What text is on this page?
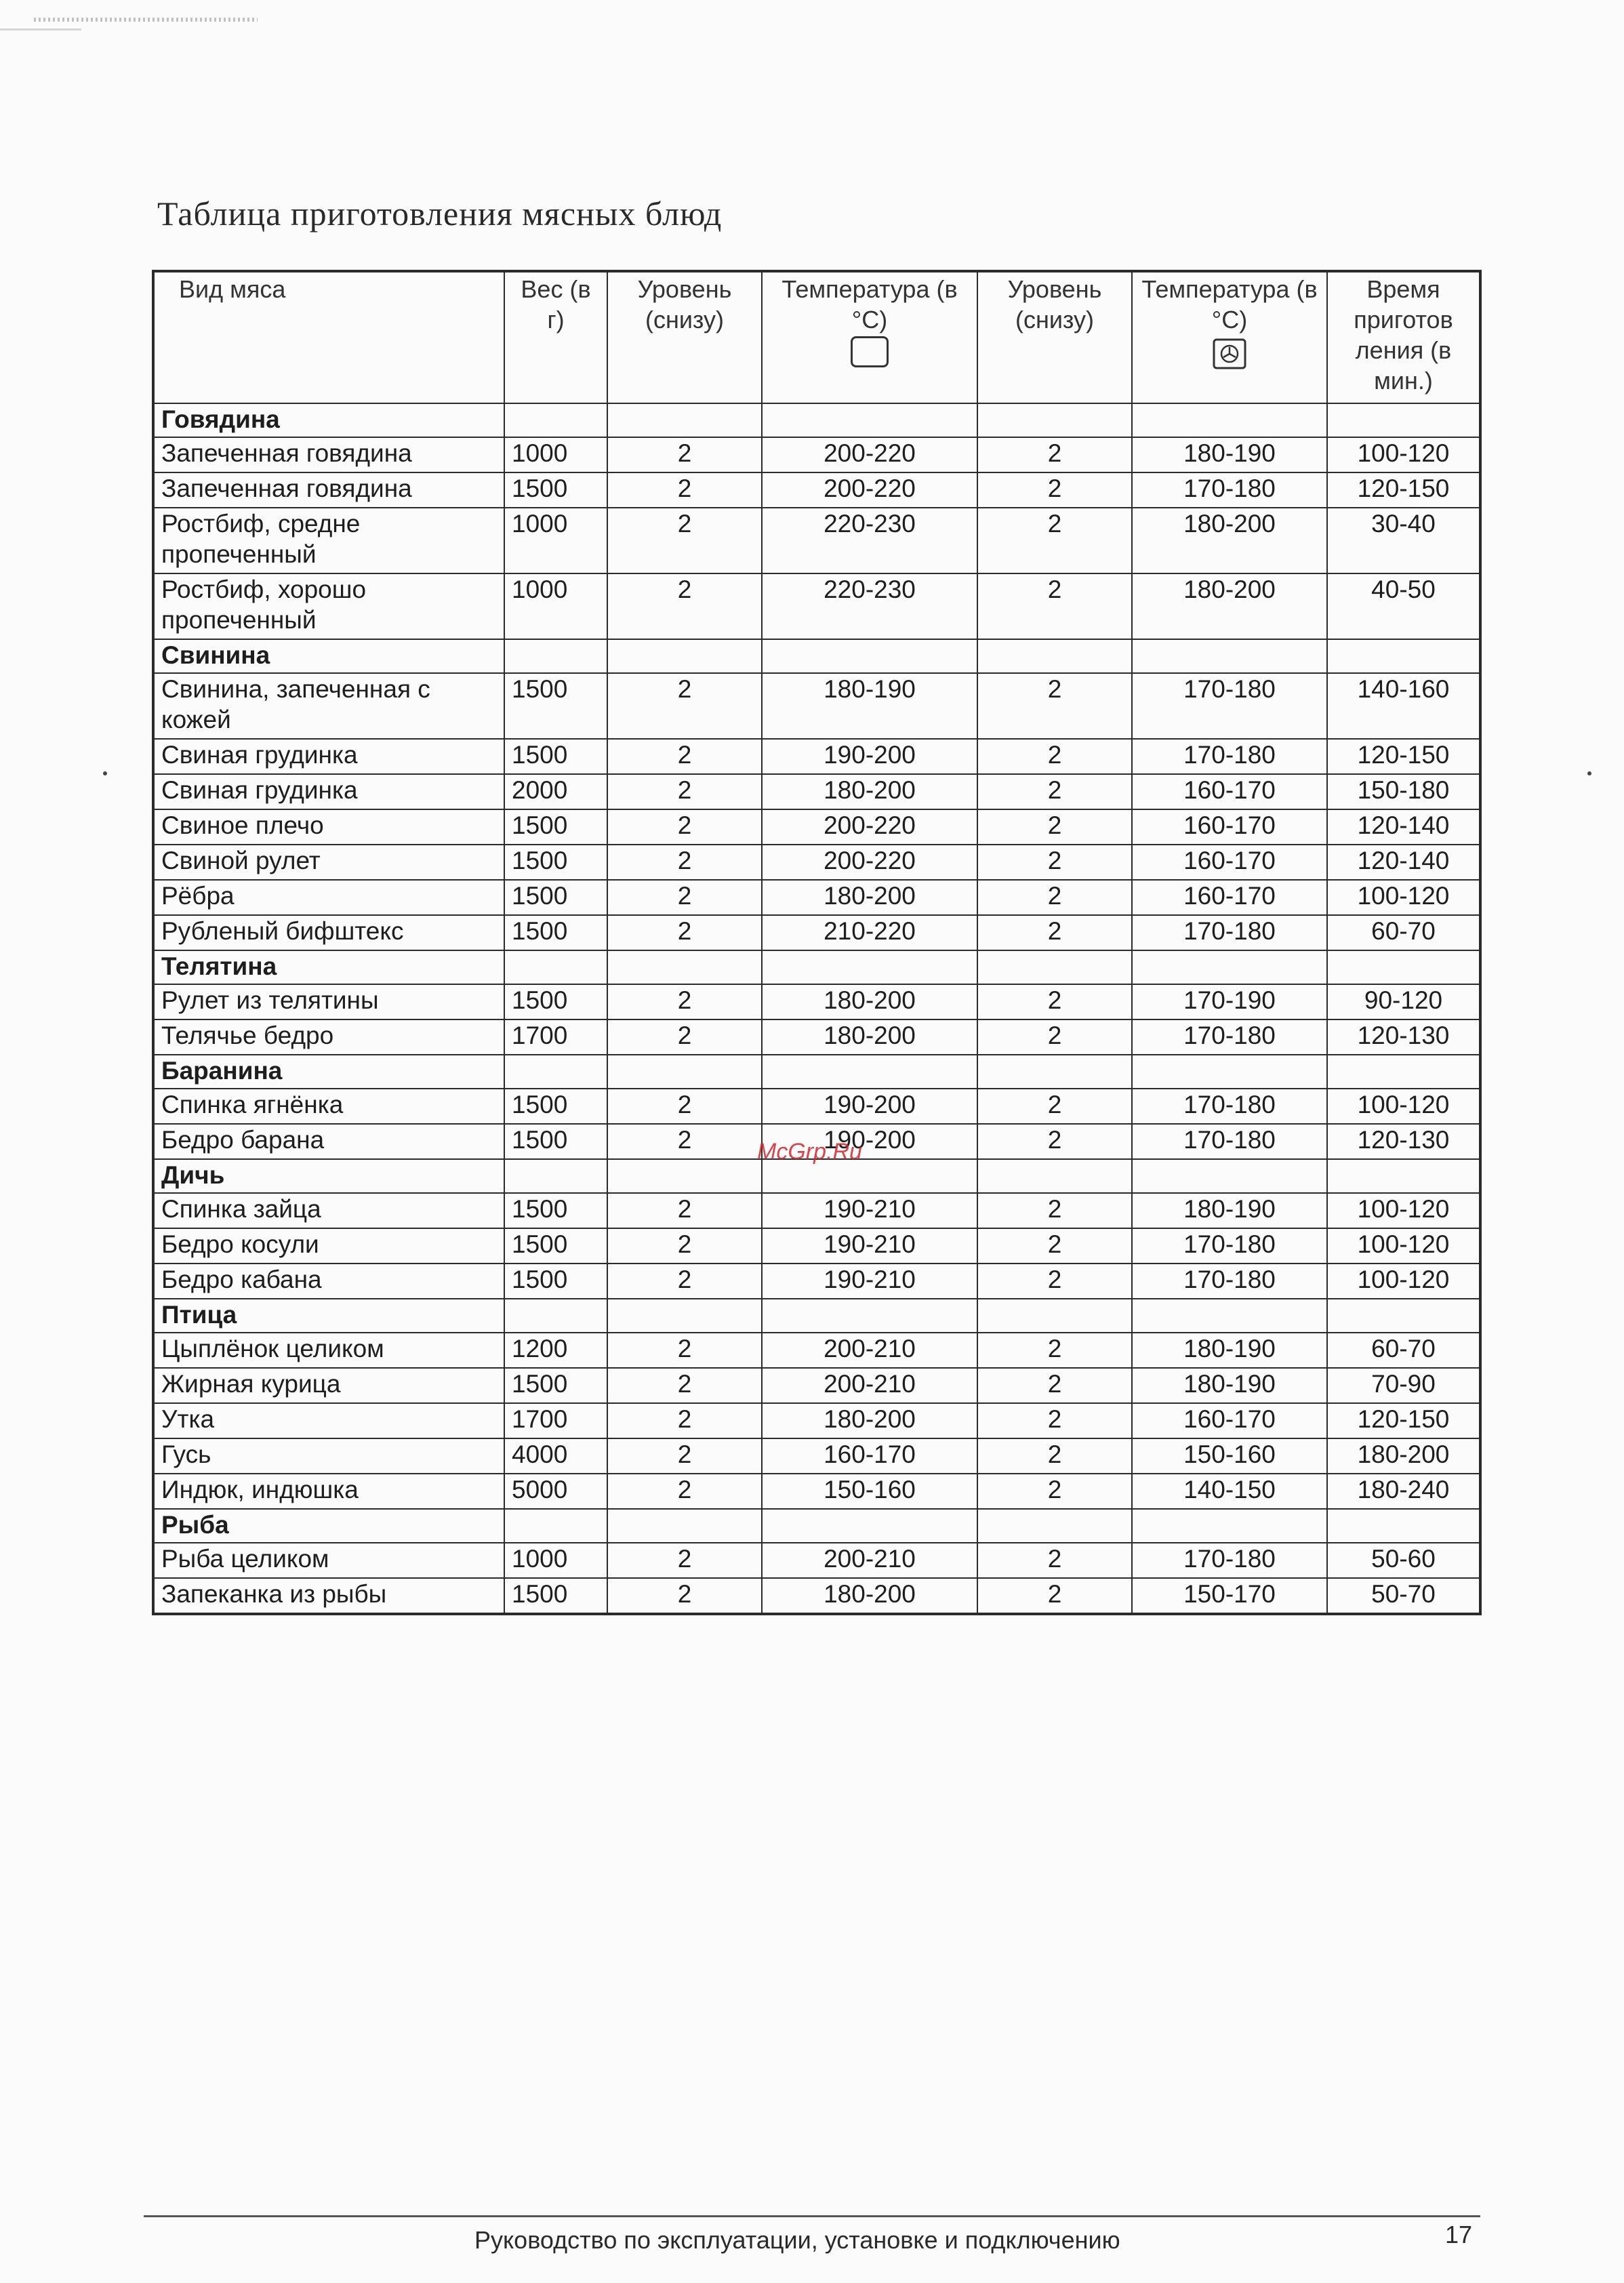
Таблица приготовления мясных блюд
Вид мяса	Вес (в г)	Уровень (снизу)	Температура (в °С)	Уровень (снизу)	Температура (в °С)	Время приготов ления (в мин.)
Говядина						
Запеченная говядина	1000	2	200-220	2	180-190	100-120
Запеченная говядина	1500	2	200-220	2	170-180	120-150
Ростбиф, средне пропеченный	1000	2	220-230	2	180-200	30-40
Ростбиф, хорошо пропеченный	1000	2	220-230	2	180-200	40-50
Свинина						
Свинина, запеченная с кожей	1500	2	180-190	2	170-180	140-160
Свиная грудинка	1500	2	190-200	2	170-180	120-150
Свиная грудинка	2000	2	180-200	2	160-170	150-180
Свиное плечо	1500	2	200-220	2	160-170	120-140
Свиной рулет	1500	2	200-220	2	160-170	120-140
Рёбра	1500	2	180-200	2	160-170	100-120
Рубленый бифштекс	1500	2	210-220	2	170-180	60-70
Телятина						
Рулет из телятины	1500	2	180-200	2	170-190	90-120
Телячье бедро	1700	2	180-200	2	170-180	120-130
Баранина						
Спинка ягнёнка	1500	2	190-200	2	170-180	100-120
Бедро барана	1500	2	190-200	2	170-180	120-130
Дичь						
Спинка зайца	1500	2	190-210	2	180-190	100-120
Бедро косули	1500	2	190-210	2	170-180	100-120
Бедро кабана	1500	2	190-210	2	170-180	100-120
Птица						
Цыплёнок целиком	1200	2	200-210	2	180-190	60-70
Жирная курица	1500	2	200-210	2	180-190	70-90
Утка	1700	2	180-200	2	160-170	120-150
Гусь	4000	2	160-170	2	150-160	180-200
Индюк, индюшка	5000	2	150-160	2	140-150	180-240
Рыба						
Рыба целиком	1000	2	200-210	2	170-180	50-60
Запеканка из рыбы	1500	2	180-200	2	150-170	50-70
McGrp.Ru
Руководство по эксплуатации, установке и подключению	17
